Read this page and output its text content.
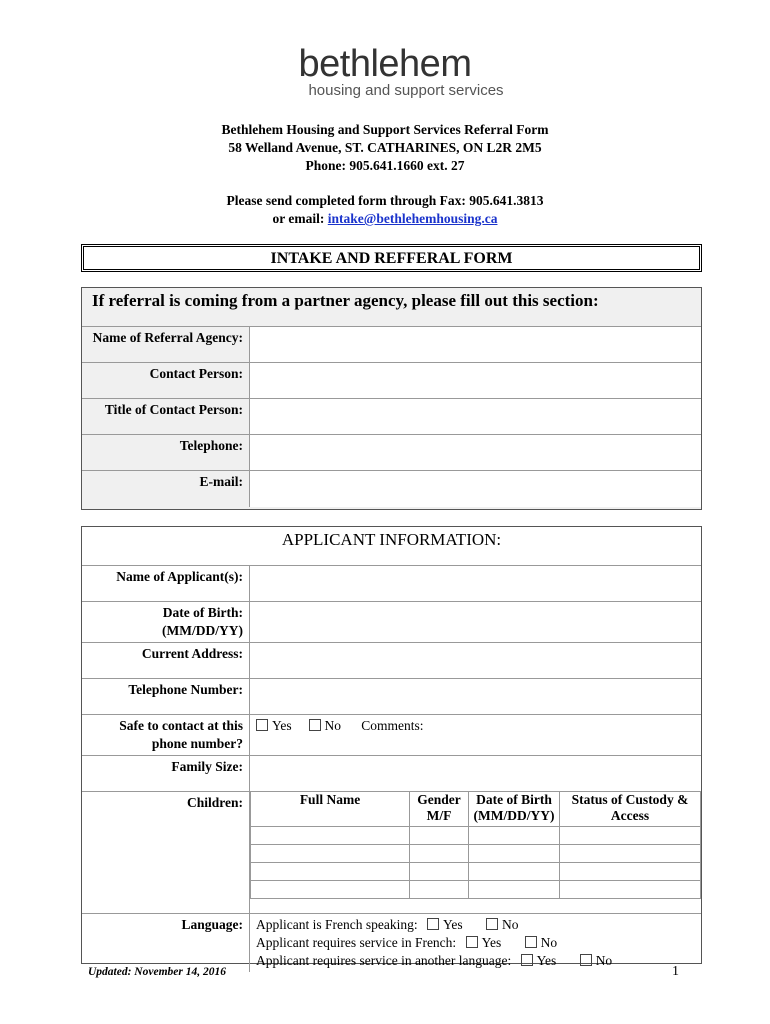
bethlehem
housing and support services
Bethlehem Housing and Support Services Referral Form
58 Welland Avenue, ST. CATHARINES, ON L2R 2M5
Phone: 905.641.1660 ext. 27
Please send completed form through Fax: 905.641.3813
or email: intake@bethlehemhousing.ca
INTAKE AND REFFERAL FORM
If referral is coming from a partner agency, please fill out this section:
Name of Referral Agency:	
Contact Person:	
Title of Contact Person:	
Telephone:	
E-mail:	
APPLICANT INFORMATION:
Name of Applicant(s):	
Date of Birth: (MM/DD/YY)	
Current Address:	
Telephone Number:	
Safe to contact at this phone number?	Yes No Comments:
Family Size:	
Children:		Full Name	Gender M/F	Date of Birth (MM/DD/YY)	Status of Custody & Access

Language:	Applicant is French speaking: Yes	No
Applicant requires service in French: Yes	No
Applicant requires service in another language: Yes	No
Updated: November 14, 2016	1
